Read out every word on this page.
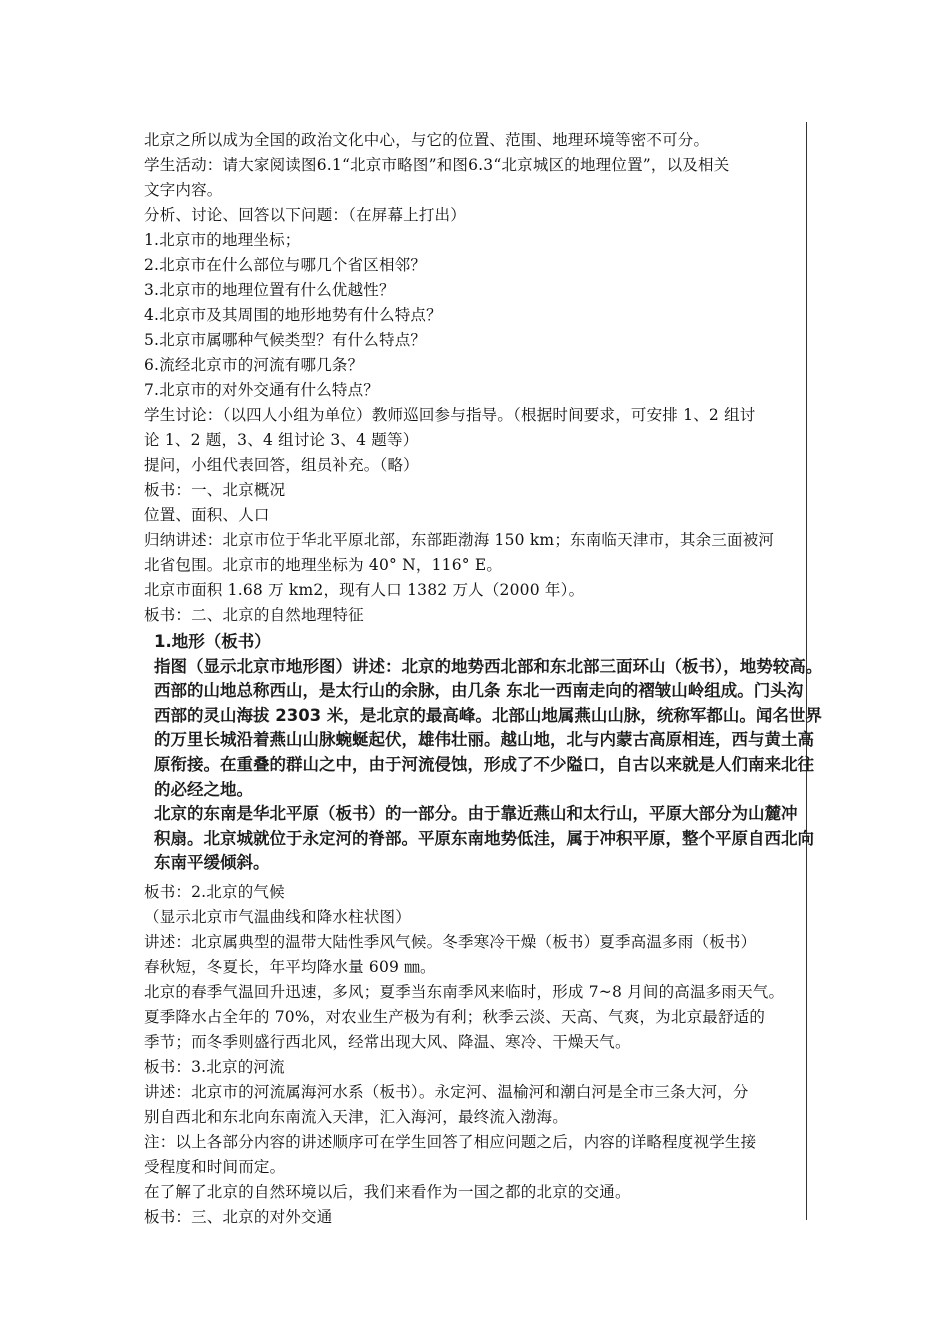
北京之所以成为全国的政治文化中心，与它的位置、范围、地理环境等密不可分。
学生活动：请大家阅读图6.1“北京市略图”和图6.3“北京城区的地理位置”，以及相关
文字内容。
分析、讨论、回答以下问题：（在屏幕上打出）
1.北京市的地理坐标；
2.北京市在什么部位与哪几个省区相邻？
3.北京市的地理位置有什么优越性？
4.北京市及其周围的地形地势有什么特点？
5.北京市属哪种气候类型？有什么特点？
6.流经北京市的河流有哪几条？
7.北京市的对外交通有什么特点？
学生讨论：（以四人小组为单位）教师巡回参与指导。（根据时间要求，可安排 1、2 组讨
论 1、2 题，3、4 组讨论 3、4 题等）
提问，小组代表回答，组员补充。（略）
板书：一、北京概况
位置、面积、人口
归纳讲述：北京市位于华北平原北部，东部距渤海 150 km；东南临天津市，其余三面被河
北省包围。北京市的地理坐标为 40° N，116° E。
北京市面积 1.68 万 km2，现有人口 1382 万人（2000 年）。
板书：二、北京的自然地理特征
1.地形（板书）
指图（显示北京市地形图）讲述：北京的地势西北部和东北部三面环山（板书），地势较高。
西部的山地总称西山，是太行山的余脉，由几条 东北一西南走向的褶皱山岭组成。门头沟
西部的灵山海拔 2303 米，是北京的最高峰。北部山地属燕山山脉，统称军都山。闻名世界
的万里长城沿着燕山山脉蜿蜒起伏，雄伟壮丽。越山地，北与内蒙古高原相连，西与黄土高
原衔接。在重叠的群山之中，由于河流侵蚀，形成了不少隘口，自古以来就是人们南来北往
的必经之地。
北京的东南是华北平原（板书）的一部分。由于靠近燕山和太行山，平原大部分为山麓冲
积扇。北京城就位于永定河的脊部。平原东南地势低洼，属于冲积平原，整个平原自西北向
东南平缓倾斜。
板书：2.北京的气候
（显示北京市气温曲线和降水柱状图）
讲述：北京属典型的温带大陆性季风气候。冬季寒冷干燥（板书）夏季高温多雨（板书）
春秋短，冬夏长，年平均降水量 609 ㎜。
北京的春季气温回升迅速，多风；夏季当东南季风来临时，形成 7~8 月间的高温多雨天气。
夏季降水占全年的 70%，对农业生产极为有利；秋季云淡、天高、气爽，为北京最舒适的
季节；而冬季则盛行西北风，经常出现大风、降温、寒冷、干燥天气。
板书：3.北京的河流
讲述：北京市的河流属海河水系（板书）。永定河、温榆河和潮白河是全市三条大河，分
别自西北和东北向东南流入天津，汇入海河，最终流入渤海。
注：以上各部分内容的讲述顺序可在学生回答了相应问题之后，内容的详略程度视学生接
受程度和时间而定。
在了解了北京的自然环境以后，我们来看作为一国之都的北京的交通。
板书：三、北京的对外交通
